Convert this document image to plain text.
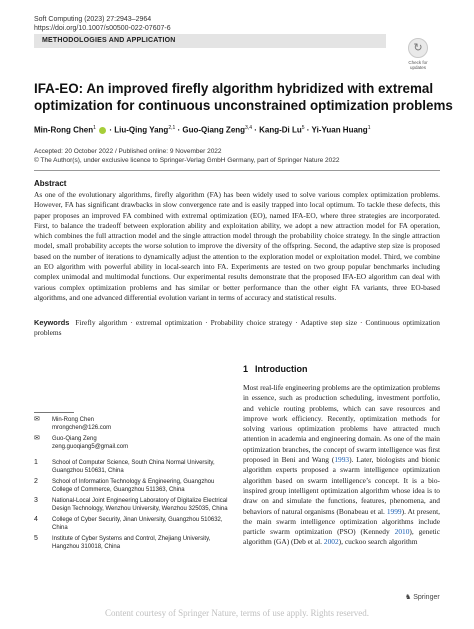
Soft Computing (2023) 27:2943–2964
https://doi.org/10.1007/s00500-022-07607-6
METHODOLOGIES AND APPLICATION
↻
Check for
updates
IFA-EO: An improved firefly algorithm hybridized with extremal optimization for continuous unconstrained optimization problems
Min-Rong Chen$^1$  · Liu-Qing Yang$^{2,1}$ · Guo-Qiang Zeng$^{3,4}$ · Kang-Di $Lu^5$ · Yi-Yuan Huang$^1$
Accepted: 20 October 2022 / Published online: 9 November 2022
© The Author(s), under exclusive licence to Springer-Verlag GmbH Germany, part of Springer Nature 2022
Abstract
As one of the evolutionary algorithms, firefly algorithm (FA) has been widely used to solve various complex optimization problems. However, FA has significant drawbacks in slow convergence rate and is easily trapped into local optimum. To tackle these defects, this paper proposes an improved FA combined with extremal optimization (EO), named IFA-EO, where three strategies are incorporated. First, to balance the tradeoff between exploration ability and exploitation ability, we adopt a new attraction model for FA operation, which combines the full attraction model and the single attraction model through the probability choice strategy. In the single attraction model, small probability accepts the worse solution to improve the diversity of the offspring. Second, the adaptive step size is proposed based on the number of iterations to dynamically adjust the attention to the exploration model or exploitation model. Third, we combine an EO algorithm with powerful ability in local-search into FA. Experiments are tested on two group popular benchmarks including complex unimodal and multimodal functions. Our experimental results demonstrate that the proposed IFA-EO algorithm can deal with various complex optimization problems and has similar or better performance than the other eight FA variants, three EO-based algorithms, and one advanced differential evolution variant in terms of accuracy and statistical results.
Keywords Firefly algorithm · extremal optimization · Probability choice strategy · Adaptive step size · Continuous optimization problems
1 Introduction
Most real-life engineering problems are the optimization problems in essence, such as production scheduling, investment portfolio, and vehicle routing problems, which can save resources and improve work efficiency. Recently, optimization methods for solving various optimization problems have attracted much attention in academia and engineering domain. As one of the main optimization branches, the concept of swarm intelligence was first proposed in Beni and Wang (1993). Later, biologists and bionic algorithm experts proposed a swarm intelligence optimization algorithm based on swarm intelligence’s concept. It is a bio-inspired group intelligent optimization algorithm whose idea is to draw on and simulate the functions, features, phenomena, and behaviors of natural organisms (Bonabeau et al. 1999). At present, the main swarm intelligence optimization algorithms include particle swarm optimization (PSO) (Kennedy 2010), genetic algorithm (GA) (Deb et al. 2002), cuckoo search algorithm
✉ Min-Rong Chen
mrongchen@126.com
✉ Guo-Qiang Zeng
zeng.guoqiang5@gmail.com
1 School of Computer Science, South China Normal University, Guangzhou 510631, China
2 School of Information Technology & Engineering, Guangzhou College of Commerce, Guangzhou 511363, China
3 National-Local Joint Engineering Laboratory of Digitalize Electrical Design Technology, Wenzhou University, Wenzhou 325035, China
4 College of Cyber Security, Jinan University, Guangzhou 510632, China
5 Institute of Cyber Systems and Control, Zhejiang University, Hangzhou 310018, China
♞ Springer
Content courtesy of Springer Nature, terms of use apply. Rights reserved.
